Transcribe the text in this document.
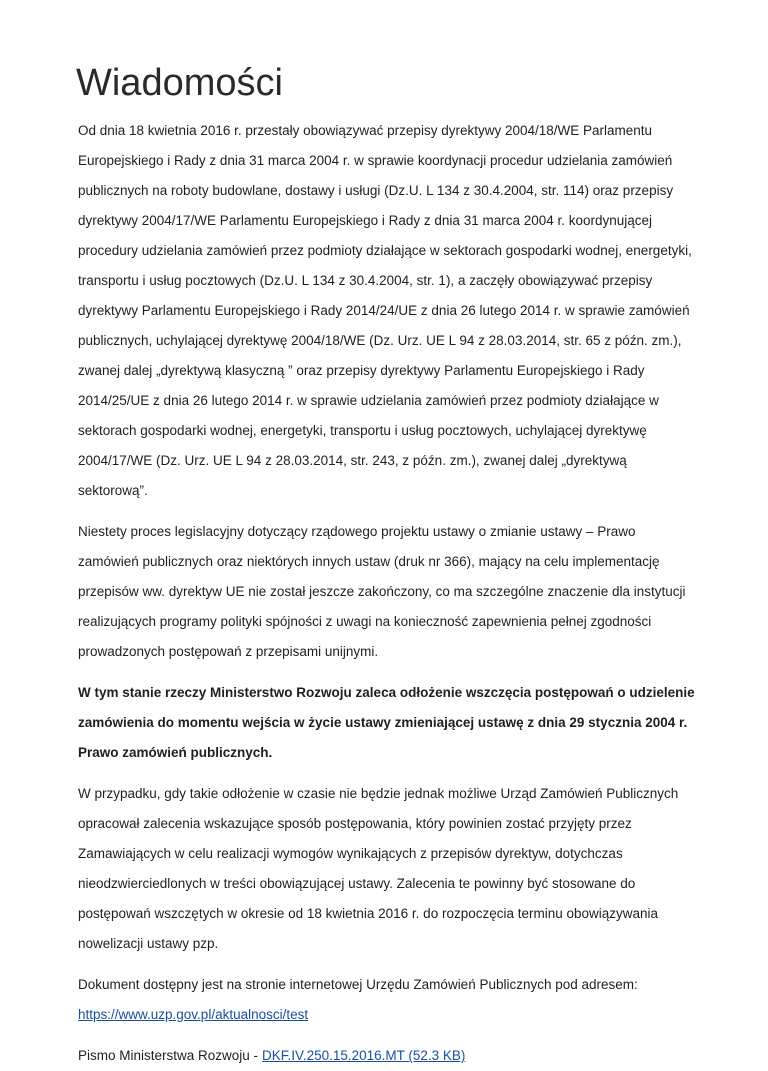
Wiadomości

Od dnia 18 kwietnia 2016 r. przestały obowiązywać przepisy dyrektywy 2004/18/WE Parlamentu Europejskiego i Rady z dnia 31 marca 2004 r. w sprawie koordynacji procedur udzielania zamówień publicznych na roboty budowlane, dostawy i usługi (Dz.U. L 134 z 30.4.2004, str. 114) oraz przepisy dyrektywy 2004/17/WE Parlamentu Europejskiego i Rady z dnia 31 marca 2004 r. koordynującej procedury udzielania zamówień przez podmioty działające w sektorach gospodarki wodnej, energetyki, transportu i usług pocztowych (Dz.U. L 134 z 30.4.2004, str. 1), a zaczęły obowiązywać przepisy dyrektywy Parlamentu Europejskiego i Rady 2014/24/UE z dnia 26 lutego 2014 r. w sprawie zamówień publicznych, uchylającej dyrektywę 2004/18/WE (Dz. Urz. UE L 94 z 28.03.2014, str. 65 z późn. zm.), zwanej dalej „dyrektywą klasyczną ” oraz przepisy dyrektywy Parlamentu Europejskiego i Rady 2014/25/UE z dnia 26 lutego 2014 r. w sprawie udzielania zamówień przez podmioty działające w sektorach gospodarki wodnej, energetyki, transportu i usług pocztowych, uchylającej dyrektywę 2004/17/WE (Dz. Urz. UE L 94 z 28.03.2014, str. 243, z późn. zm.), zwanej dalej „dyrektywą sektorową”.

Niestety proces legislacyjny dotyczący rządowego projektu ustawy o zmianie ustawy – Prawo zamówień publicznych oraz niektórych innych ustaw (druk nr 366), mający na celu implementację przepisów ww. dyrektyw UE nie został jeszcze zakończony, co ma szczególne znaczenie dla instytucji realizujących programy polityki spójności z uwagi na konieczność zapewnienia pełnej zgodności prowadzonych postępowań z przepisami unijnymi.

W tym stanie rzeczy Ministerstwo Rozwoju zaleca odłożenie wszczęcia postępowań o udzielenie zamówienia do momentu wejścia w życie ustawy zmieniającej ustawę z dnia 29 stycznia 2004 r. Prawo zamówień publicznych.

W przypadku, gdy takie odłożenie w czasie nie będzie jednak możliwe Urząd Zamówień Publicznych opracował zalecenia wskazujące sposób postępowania, który powinien zostać przyjęty przez Zamawiających w celu realizacji wymogów wynikających z przepisów dyrektyw, dotychczas nieodzwierciedlonych w treści obowiązującej ustawy. Zalecenia te powinny być stosowane do postępowań wszczętych w okresie od 18 kwietnia 2016 r. do rozpoczęcia terminu obowiązywania nowelizacji ustawy pzp.

Dokument dostępny jest na stronie internetowej Urzędu Zamówień Publicznych pod adresem:
https://www.uzp.gov.pl/aktualnosci/test

Pismo Ministerstwa Rozwoju - DKF.IV.250.15.2016.MT (52.3 KB)
